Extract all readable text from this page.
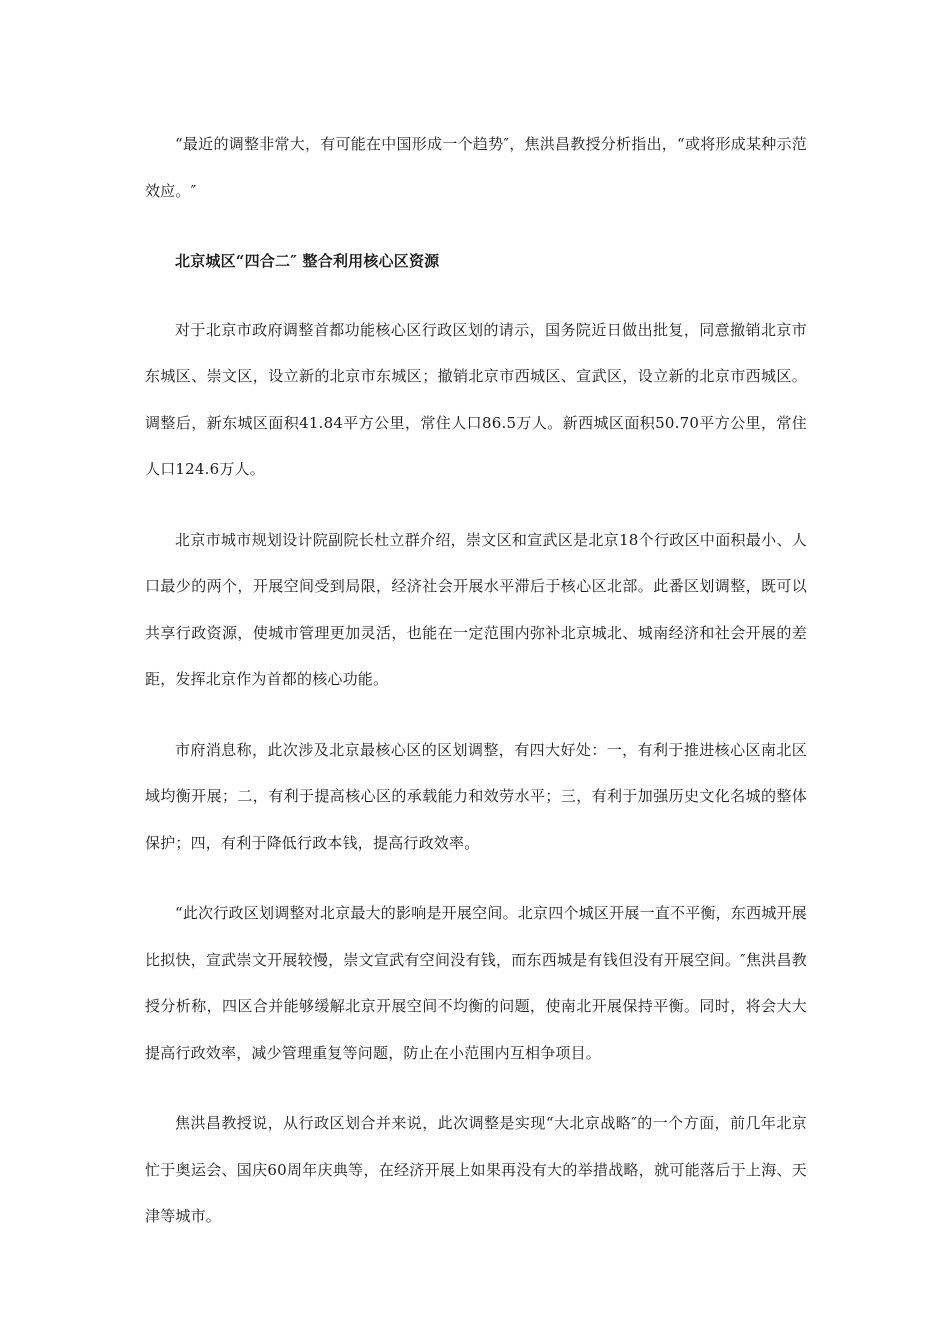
“最近的调整非常大，有可能在中国形成一个趋势″，焦洪昌教授分析指出，“或将形成某种示范效应。″

北京城区“四合二″ 整合利用核心区资源

对于北京市政府调整首都功能核心区行政区划的请示，国务院近日做出批复，同意撤销北京市东城区、崇文区，设立新的北京市东城区；撤销北京市西城区、宣武区，设立新的北京市西城区。调整后，新东城区面积41.84平方公里，常住人口86.5万人。新西城区面积50.70平方公里，常住人口124.6万人。

北京市城市规划设计院副院长杜立群介绍，崇文区和宣武区是北京18个行政区中面积最小、人口最少的两个，开展空间受到局限，经济社会开展水平滞后于核心区北部。此番区划调整，既可以共享行政资源，使城市管理更加灵活，也能在一定范围内弥补北京城北、城南经济和社会开展的差距，发挥北京作为首都的核心功能。

市府消息称，此次涉及北京最核心区的区划调整，有四大好处：一，有利于推进核心区南北区域均衡开展；二，有利于提高核心区的承载能力和效劳水平；三，有利于加强历史文化名城的整体保护；四，有利于降低行政本钱，提高行政效率。

“此次行政区划调整对北京最大的影响是开展空间。北京四个城区开展一直不平衡，东西城开展比拟快，宣武崇文开展较慢，崇文宣武有空间没有钱，而东西城是有钱但没有开展空间。″焦洪昌教授分析称，四区合并能够缓解北京开展空间不均衡的问题，使南北开展保持平衡。同时，将会大大提高行政效率，减少管理重复等问题，防止在小范围内互相争项目。

焦洪昌教授说，从行政区划合并来说，此次调整是实现“大北京战略″的一个方面，前几年北京忙于奥运会、国庆60周年庆典等，在经济开展上如果再没有大的举措战略，就可能落后于上海、天津等城市。
